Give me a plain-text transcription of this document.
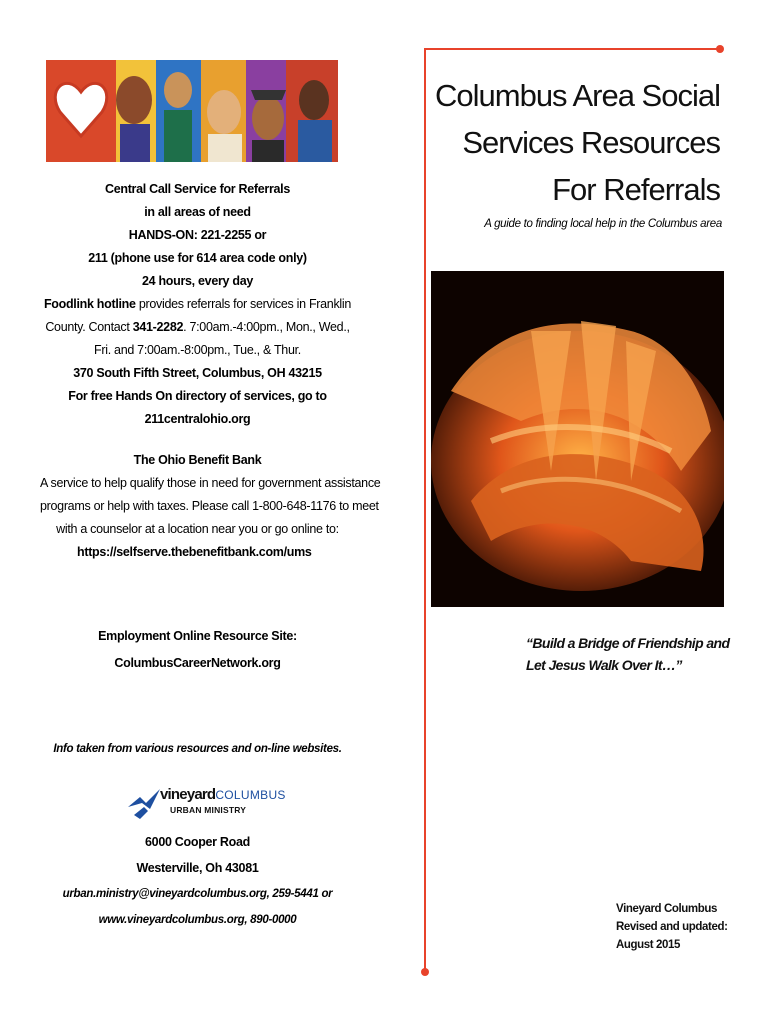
Central Call Service for Referrals
in all areas of need
HANDS-ON: 221-2255 or
211 (phone use for 614 area code only)
24 hours, every day
Foodlink hotline provides referrals for services in Franklin
County. Contact 341-2282. 7:00am.-4:00pm., Mon., Wed.,
Fri. and 7:00am.-8:00pm., Tue., & Thur.
370 South Fifth Street, Columbus, OH 43215
For free Hands On directory of services, go to
211centralohio.org
The Ohio Benefit Bank
A service to help qualify those in need for government assistance
programs or help with taxes. Please call 1-800-648-1176 to meet
with a counselor at a location near you or go online to:
https://selfserve.thebenefitbank.com/ums
Employment Online Resource Site:
ColumbusCareerNetwork.org
Info taken from various resources and on-line websites.
vineyardCOLUMBUS
URBAN MINISTRY
6000 Cooper Road
Westerville, Oh 43081
urban.ministry@vineyardcolumbus.org, 259-5441 or
www.vineyardcolumbus.org, 890-0000
Columbus Area Social
Services Resources
For Referrals
A guide to finding local help in the Columbus area
“Build a Bridge of Friendship and
Let Jesus Walk Over It…”
Vineyard Columbus
Revised and updated:
August 2015
